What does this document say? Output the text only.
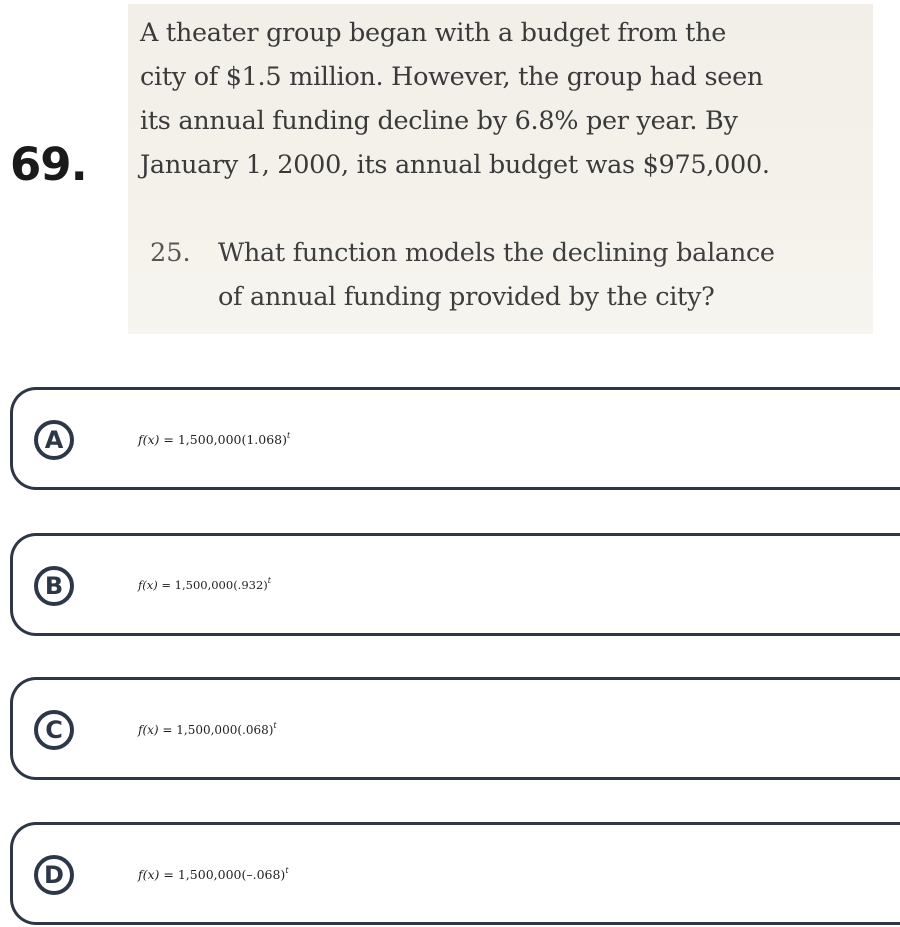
69.
A theater group began with a budget from the
city of $1.5 million. However, the group had seen
its annual funding decline by 6.8% per year. By
January 1, 2000, its annual budget was $975,000.
25. What function models the declining balance
of annual funding provided by the city?
A	$f(x) = 1,500,000(1.068)^t$
B	$f(x) = 1,500,000(.932)^t$
C	$f(x) = 1,500,000(.068)^t$
D	$f(x) = 1,500,000(-.068)^t$
